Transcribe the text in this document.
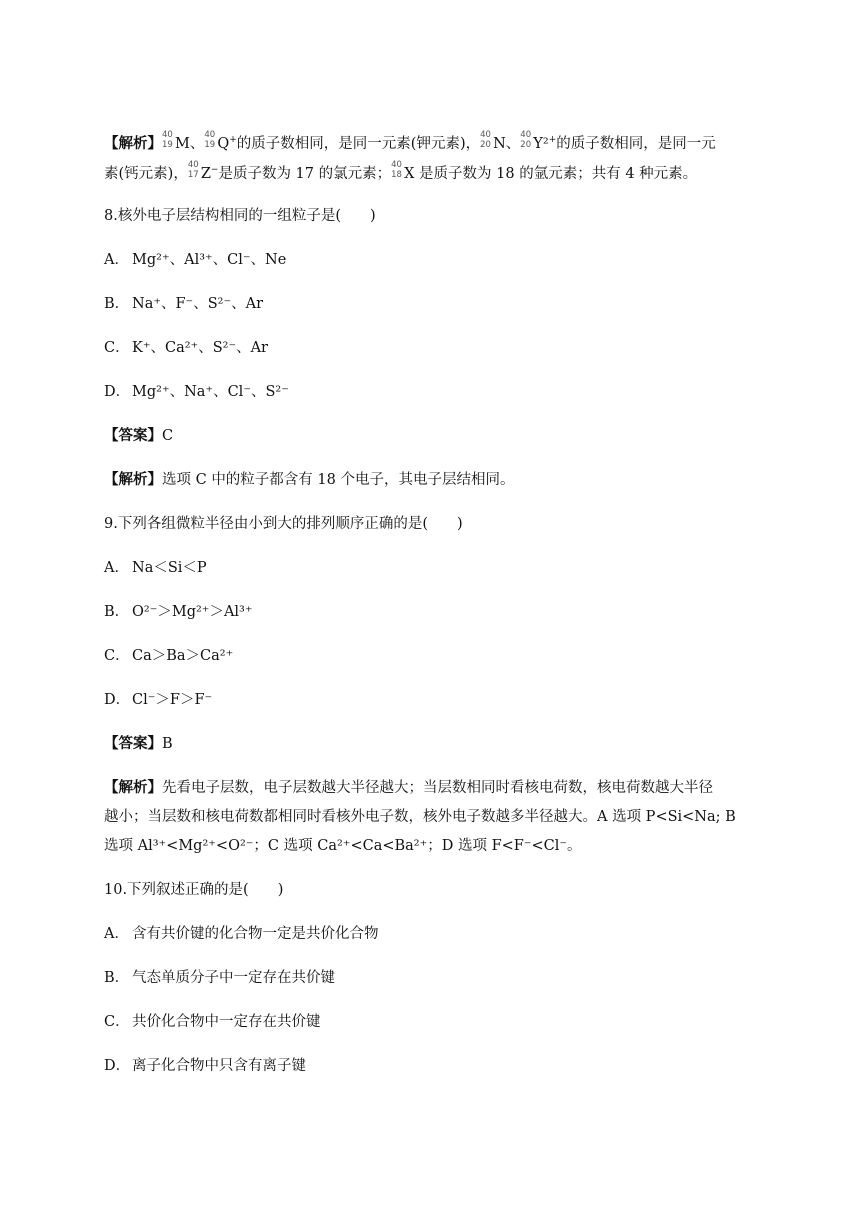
【解析】 40
19 M、
40
19 Q+的质子数相同，是同一元素(钾元素)，
40
20 N、
40
20 Y²+的质子数相同，是同一元
素(钙元素)，
40
17 Z−是质子数为 17 的氯元素；
40
18 X 是质子数为 18 的氩元素；共有 4 种元素。
8.核外电子层结构相同的一组粒子是(　　)
A． Mg²⁺、Al³⁺、Cl⁻、Ne
B． Na⁺、F⁻、S²⁻、Ar
C． K⁺、Ca²⁺、S²⁻、Ar
D． Mg²⁺、Na⁺、Cl⁻、S²⁻
【答案】C
【解析】选项 C 中的粒子都含有 18 个电子，其电子层结相同。
9.下列各组微粒半径由小到大的排列顺序正确的是(　　)
A． Na＜Si＜P
B． O²⁻＞Mg²⁺＞Al³⁺
C． Ca＞Ba＞Ca²⁺
D． Cl⁻＞F＞F⁻
【答案】B
【解析】先看电子层数，电子层数越大半径越大；当层数相同时看核电荷数，核电荷数越大半径
越小；当层数和核电荷数都相同时看核外电子数，核外电子数越多半径越大。A 选项 P<Si<Na; B
选项 Al³⁺<Mg²⁺<O²⁻；C 选项 Ca²⁺<Ca<Ba²⁺；D 选项 F<F⁻<Cl⁻。
10.下列叙述正确的是(　　)
A． 含有共价键的化合物一定是共价化合物
B． 气态单质分子中一定存在共价键
C． 共价化合物中一定存在共价键
D． 离子化合物中只含有离子键
